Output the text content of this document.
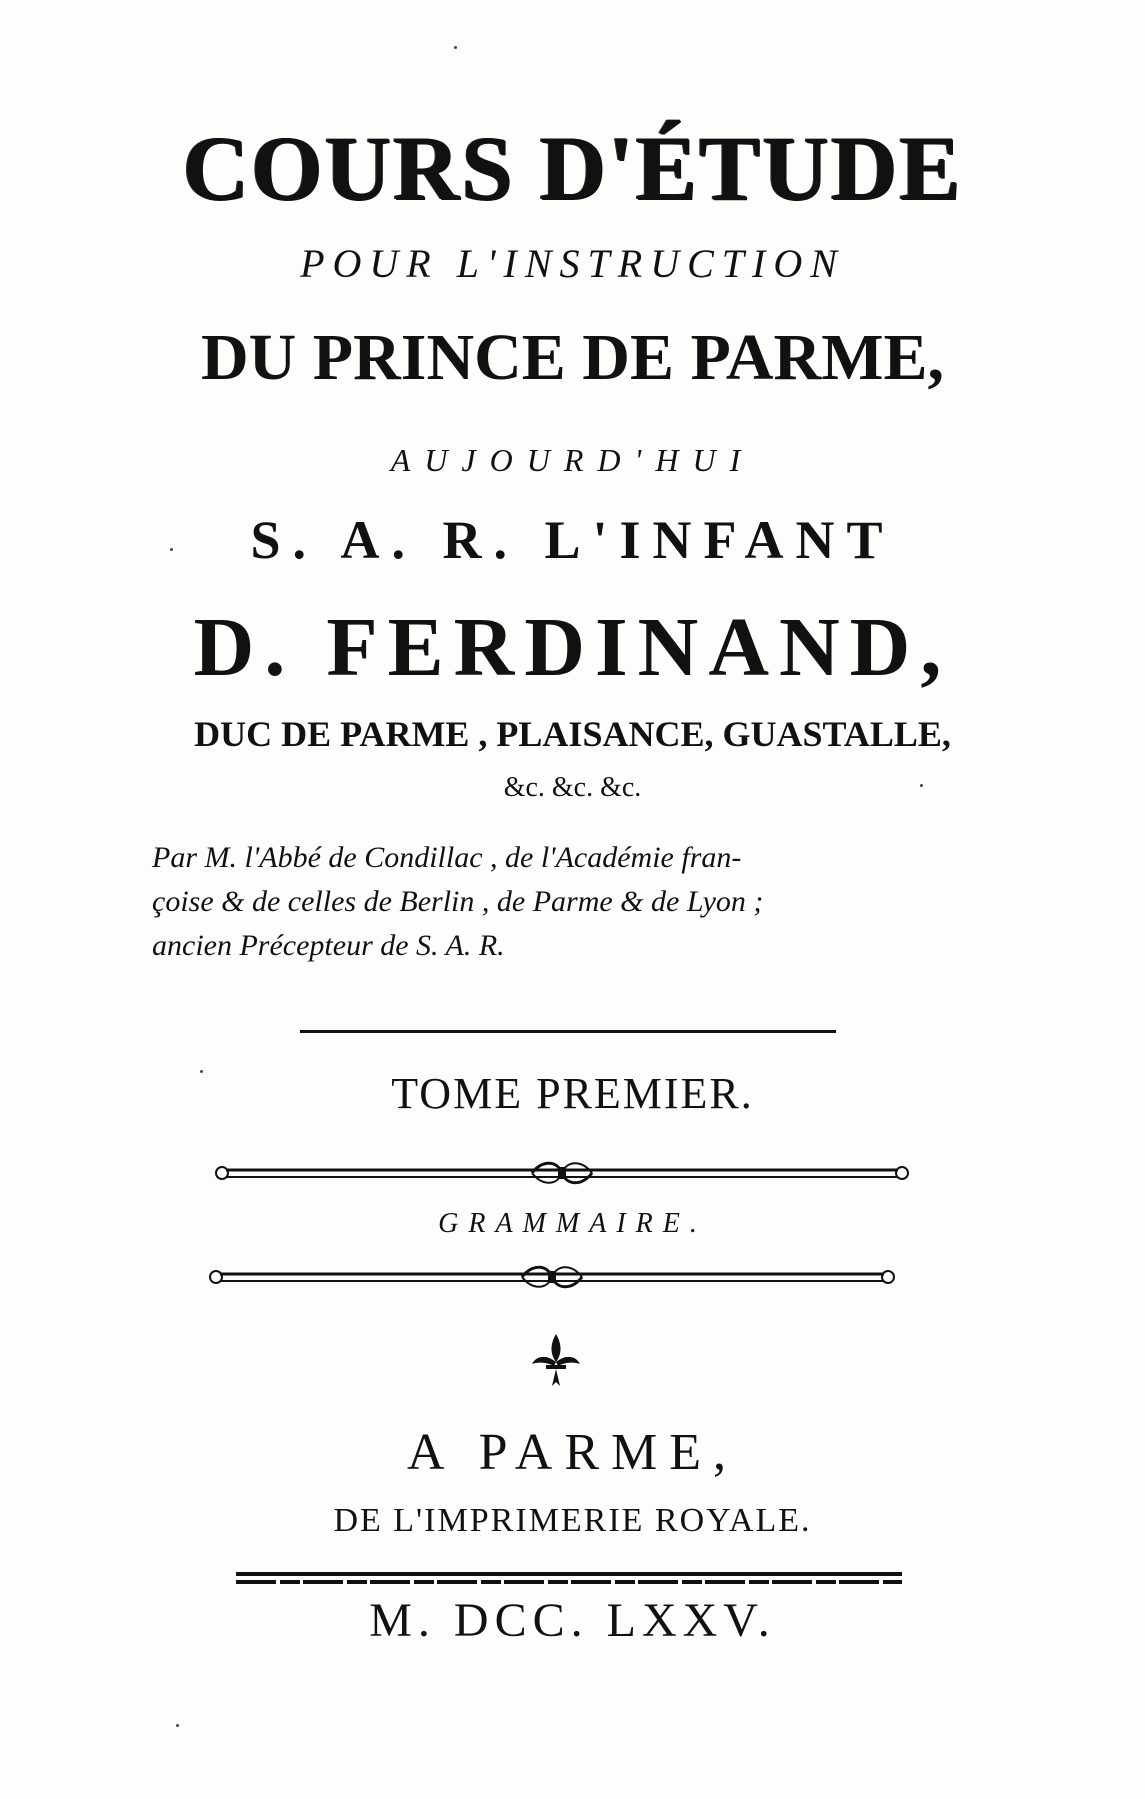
COURS D'ÉTUDE
POUR L'INSTRUCTION
DU PRINCE DE PARME,
AUJOURD'HUI
S. A. R. L'INFANT
D. FERDINAND,
DUC DE PARME , PLAISANCE, GUASTALLE,
&c. &c. &c.
Par M. l'Abbé de Condillac , de l'Académie fran-
çoise & de celles de Berlin , de Parme & de Lyon ;
ancien Précepteur de S. A. R.
TOME PREMIER.
GRAMMAIRE.
A PARME,
DE L'IMPRIMERIE ROYALE.
M. DCC. LXXV.
